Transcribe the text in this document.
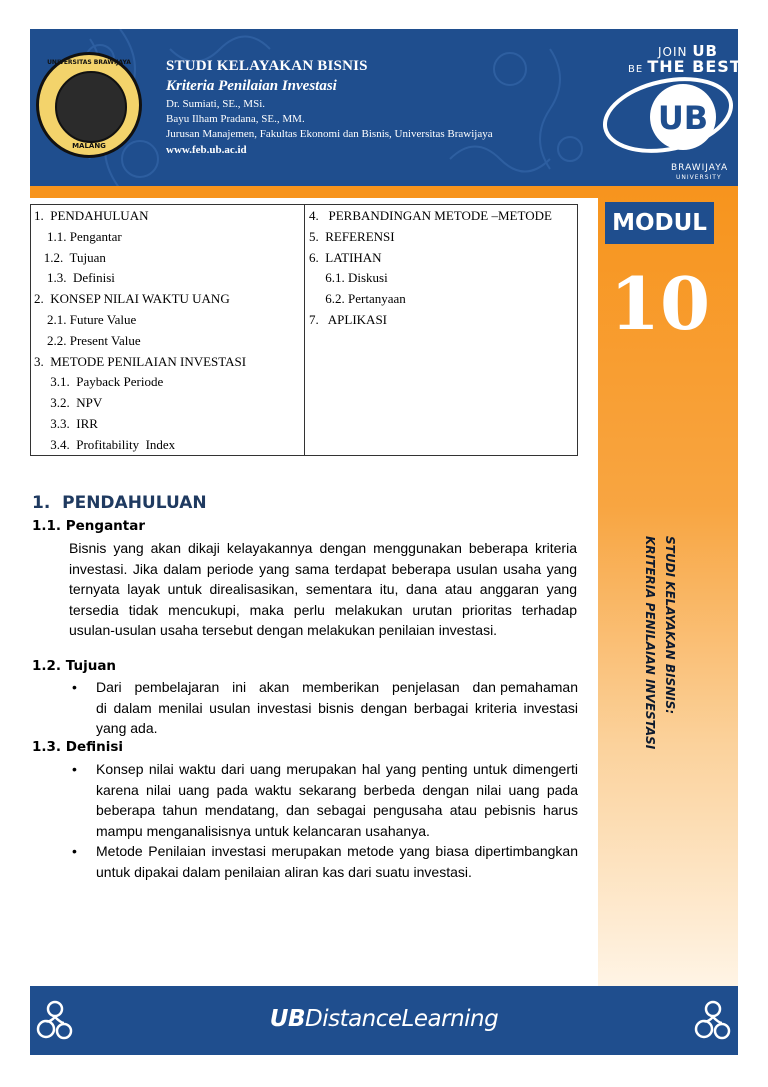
UNIVERSITAS BRAWIJAYA
MALANG
STUDI KELAYAKAN BISNIS
Kriteria Penilaian Investasi
Dr. Sumiati, SE., MSi.
Bayu Ilham Pradana, SE., MM.
Jurusan Manajemen, Fakultas Ekonomi dan Bisnis, Universitas Brawijaya
www.feb.ub.ac.id
UB
JOIN UB
BE THE BEST
BRAWIJAYA
UNIVERSITY
MODUL
10
STUDI KELAYAKAN BISNIS:
KRITERIA PENILAIAN INVESTASI
1.  PENDAHULUAN
1.1. Pengantar
1.2.  Tujuan
1.3.  Definisi
2.  KONSEP NILAI WAKTU UANG
2.1. Future Value
2.2. Present Value
3.  METODE PENILAIAN INVESTASI
3.1.  Payback Periode
3.2.  NPV
3.3.  IRR
3.4.  Profitability  Index
4.   PERBANDINGAN METODE –METODE
5.  REFERENSI
6.  LATIHAN
6.1. Diskusi
6.2. Pertanyaan
7.   APLIKASI
1.  PENDAHULUAN
1.1. Pengantar
Bisnis yang akan dikaji kelayakannya dengan menggunakan beberapa kriteria investasi. Jika dalam periode yang sama terdapat beberapa usulan usaha yang ternyata layak untuk direalisasikan, sementara itu, dana atau anggaran yang tersedia tidak mencukupi, maka perlu melakukan urutan prioritas terhadap usulan-usulan usaha tersebut dengan melakukan penilaian investasi.
1.2. Tujuan
• Dari   pembelajaran   ini   akan   memberikan   penjelasan   dan pemahaman di dalam menilai usulan investasi bisnis dengan berbagai kriteria investasi yang ada.
1.3. Definisi
• Konsep nilai waktu dari uang merupakan hal yang penting untuk dimengerti karena nilai uang pada waktu sekarang berbeda dengan nilai uang pada beberapa tahun mendatang, dan sebagai pengusaha atau pebisnis harus mampu menganalisisnya untuk kelancaran usahanya.
• Metode Penilaian investasi merupakan metode yang biasa dipertimbangkan untuk dipakai dalam penilaian aliran kas dari suatu investasi.
UBDistanceLearning
